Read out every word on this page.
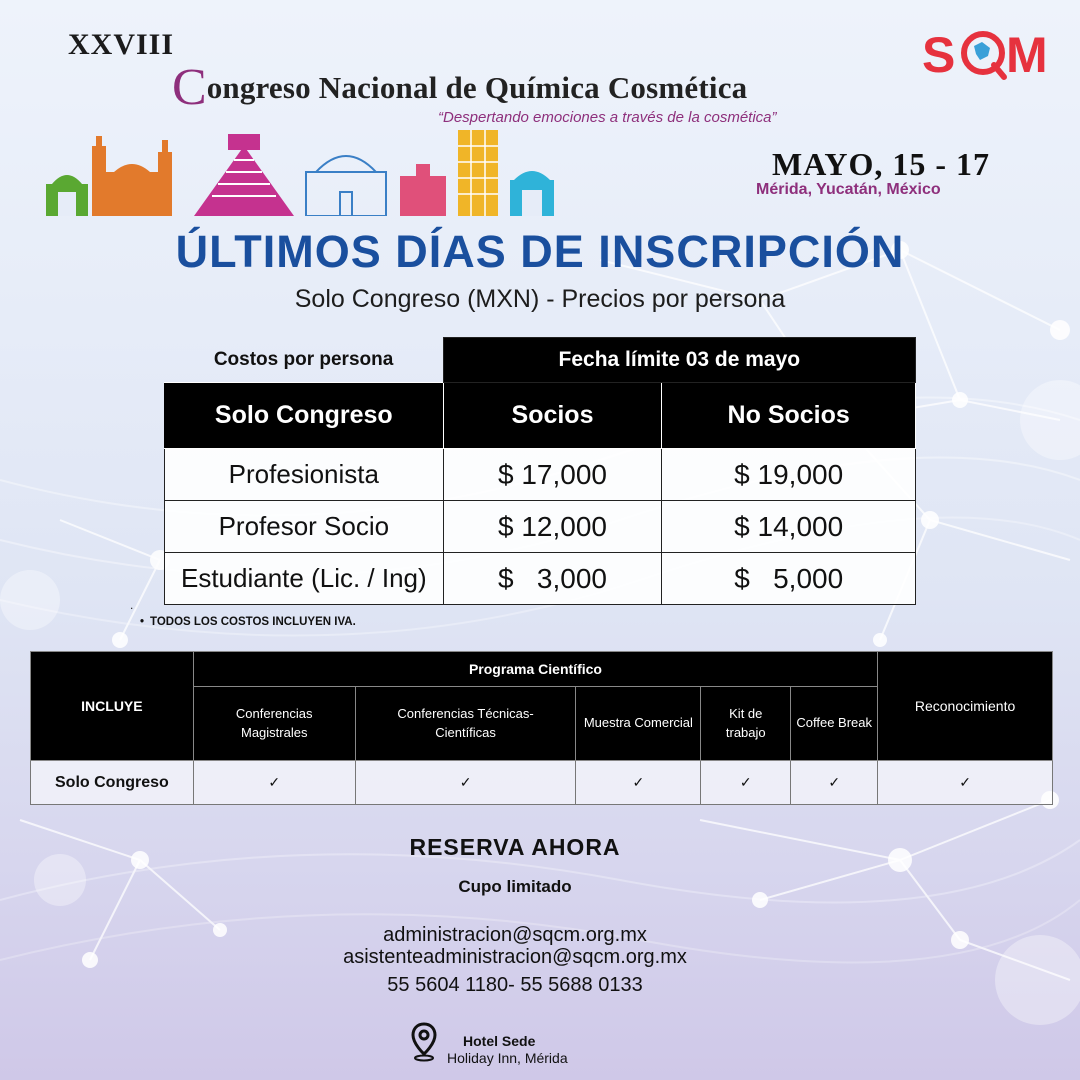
XXVIII
Congreso Nacional de Química Cosmética
“Despertando emociones a través de la cosmética”
S M
MAYO, 15 - 17
Mérida, Yucatán, México
ÚLTIMOS DÍAS DE INSCRIPCIÓN
Solo Congreso (MXN) - Precios por persona
Costos por persona	Fecha límite 03 de mayo	
Solo Congreso	Socios	No Socios
Profesionista	$ 17,000	$ 19,000
Profesor Socio	$ 12,000	$ 14,000
Estudiante (Lic. / Ing)	$   3,000	$   5,000
.
• TODOS LOS COSTOS INCLUYEN IVA.
INCLUYE	Programa Científico					Reconocimiento
	Conferencias Magistrales	Conferencias Técnicas-Científicas	Muestra Comercial	Kit de trabajo	Coffee Break	
Solo Congreso	✓	✓	✓	✓	✓	✓
RESERVA AHORA
Cupo limitado
administracion@sqcm.org.mx
asistenteadministracion@sqcm.org.mx
55 5604 1180- 55 5688 0133
Hotel Sede
Holiday Inn, Mérida
